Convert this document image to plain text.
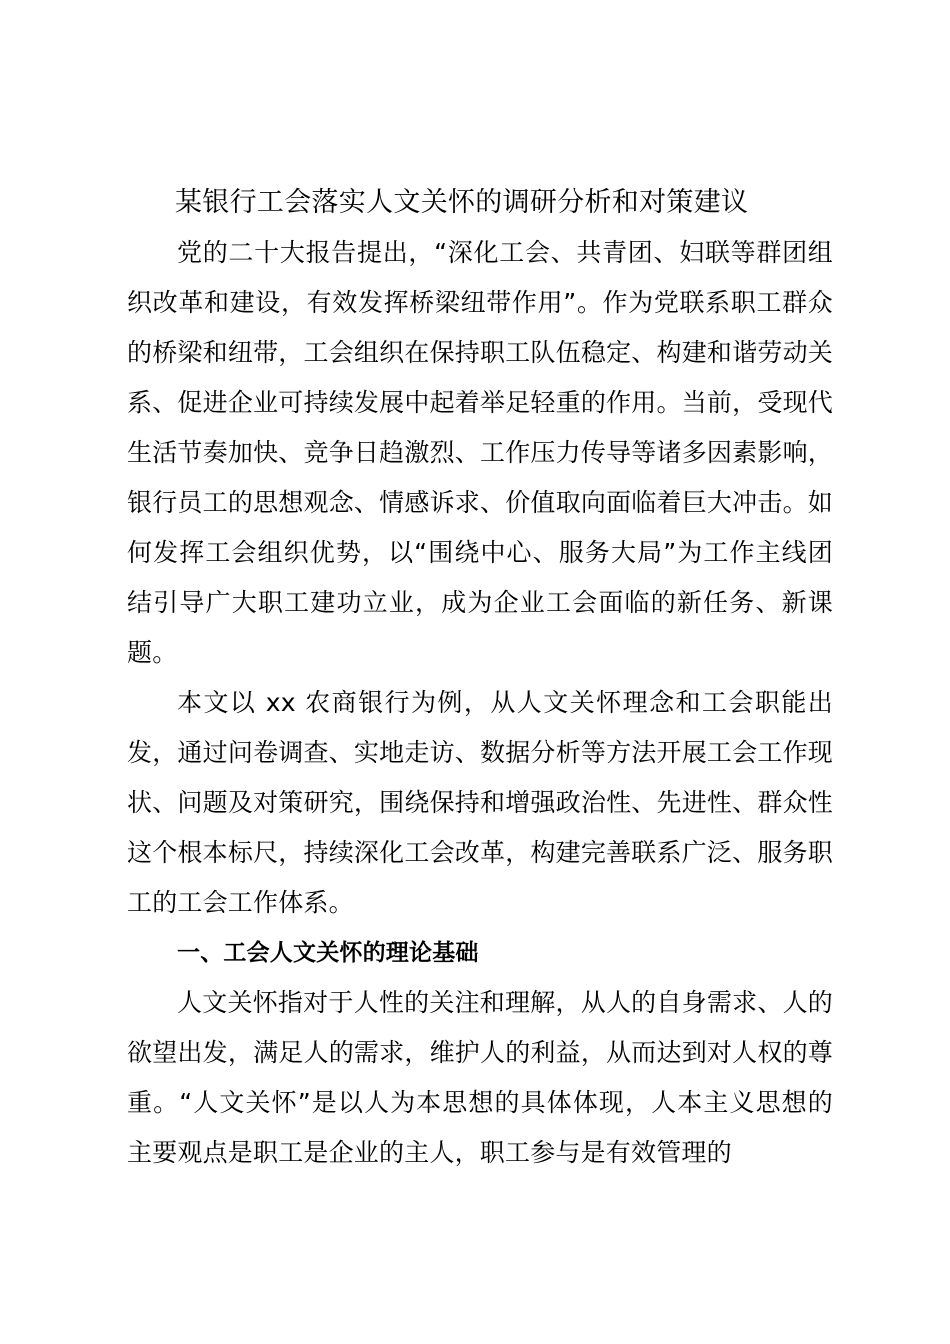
某银行工会落实人文关怀的调研分析和对策建议

党的二十大报告提出，“深化工会、共青团、妇联等群团组织改革和建设，有效发挥桥梁纽带作用”。作为党联系职工群众的桥梁和纽带，工会组织在保持职工队伍稳定、构建和谐劳动关系、促进企业可持续发展中起着举足轻重的作用。当前，受现代生活节奏加快、竞争日趋激烈、工作压力传导等诸多因素影响，银行员工的思想观念、情感诉求、价值取向面临着巨大冲击。如何发挥工会组织优势，以“围绕中心、服务大局”为工作主线团结引导广大职工建功立业，成为企业工会面临的新任务、新课题。

本文以 xx 农商银行为例，从人文关怀理念和工会职能出发，通过问卷调查、实地走访、数据分析等方法开展工会工作现状、问题及对策研究，围绕保持和增强政治性、先进性、群众性这个根本标尺，持续深化工会改革，构建完善联系广泛、服务职工的工会工作体系。

一、工会人文关怀的理论基础

人文关怀指对于人性的关注和理解，从人的自身需求、人的欲望出发，满足人的需求，维护人的利益，从而达到对人权的尊重。“人文关怀”是以人为本思想的具体体现，人本主义思想的主要观点是职工是企业的主人，职工参与是有效管理的
